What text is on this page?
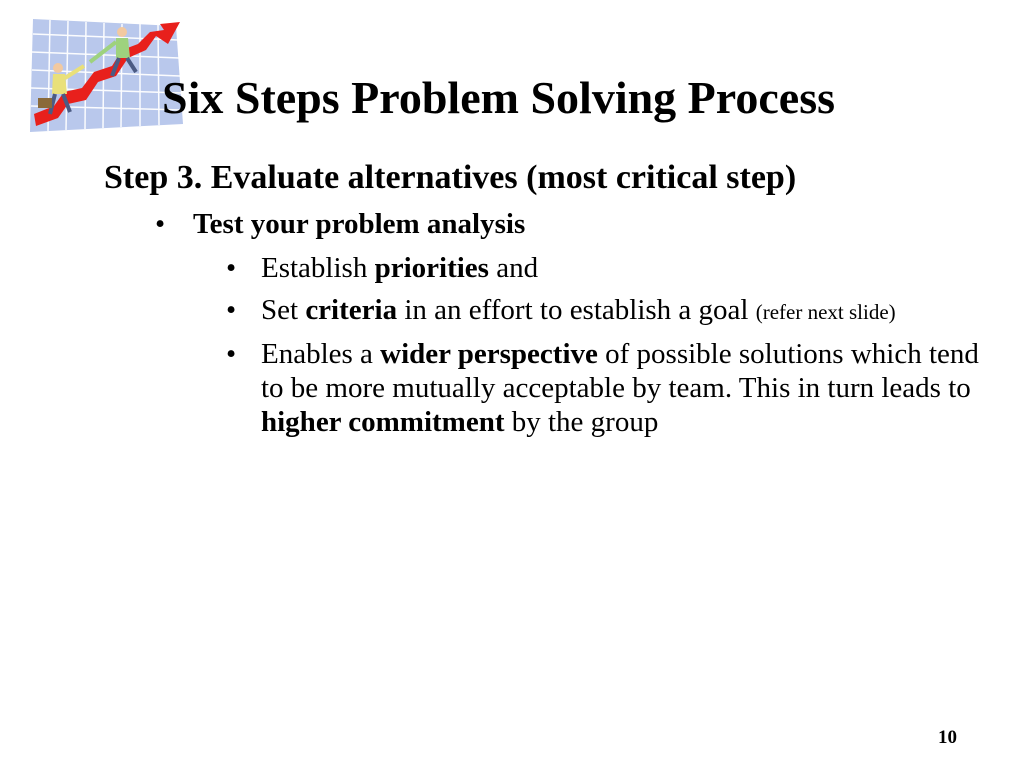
Six Steps Problem Solving Process
Step 3. Evaluate alternatives (most critical step)
• Test your problem analysis
• Establish priorities and
• Set criteria in an effort to establish a goal (refer next slide)
• Enables a wider perspective of possible solutions which tend to be more mutually acceptable by team. This in turn leads to higher commitment by the group
10
